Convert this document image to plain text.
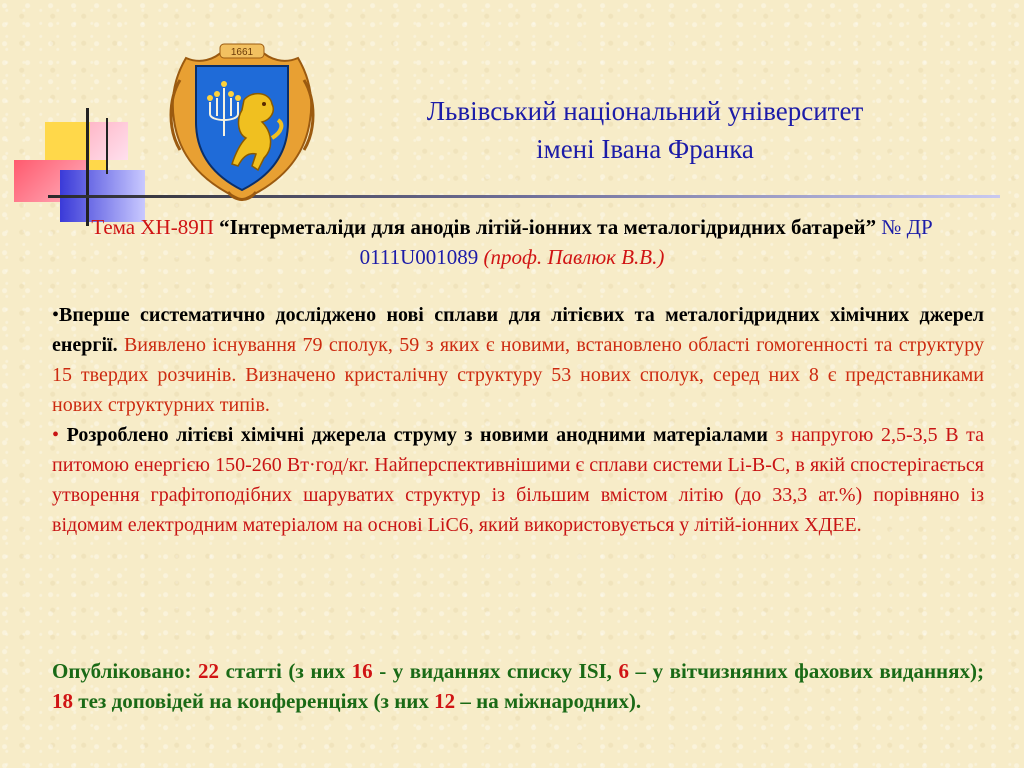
1661
Львівський національний університет
імені Івана Франка
Тема ХН-89П “Інтерметаліди для анодів літій-іонних та металогідридних батарей” № ДР 0111U001089 (проф. Павлюк В.В.)

•Вперше систематично досліджено нові сплави для літієвих та металогідридних хімічних джерел енергії. Виявлено існування 79 сполук, 59 з яких є новими, встановлено області гомогенності та структуру 15 твердих розчинів. Визначено кристалічну структуру 53 нових сполук, серед них 8 є представниками нових структурних типів.

• Розроблено літієві хімічні джерела струму з новими анодними матеріалами з напругою 2,5-3,5 В та питомою енергією 150-260 Вт·год/кг. Найперспективнішими є сплави системи Li-B-C, в якій спостерігається утворення графітоподібних шаруватих структур із більшим вмістом літію (до 33,3 ат.%) порівняно із відомим електродним матеріалом на основі LiC6, який використовується у літій-іонних ХДЕЕ.

Опубліковано: 22 статті (з них 16 - у виданнях списку ISI, 6 – у вітчизняних фахових виданнях); 18 тез доповідей на конференціях (з них 12 – на міжнародних).
